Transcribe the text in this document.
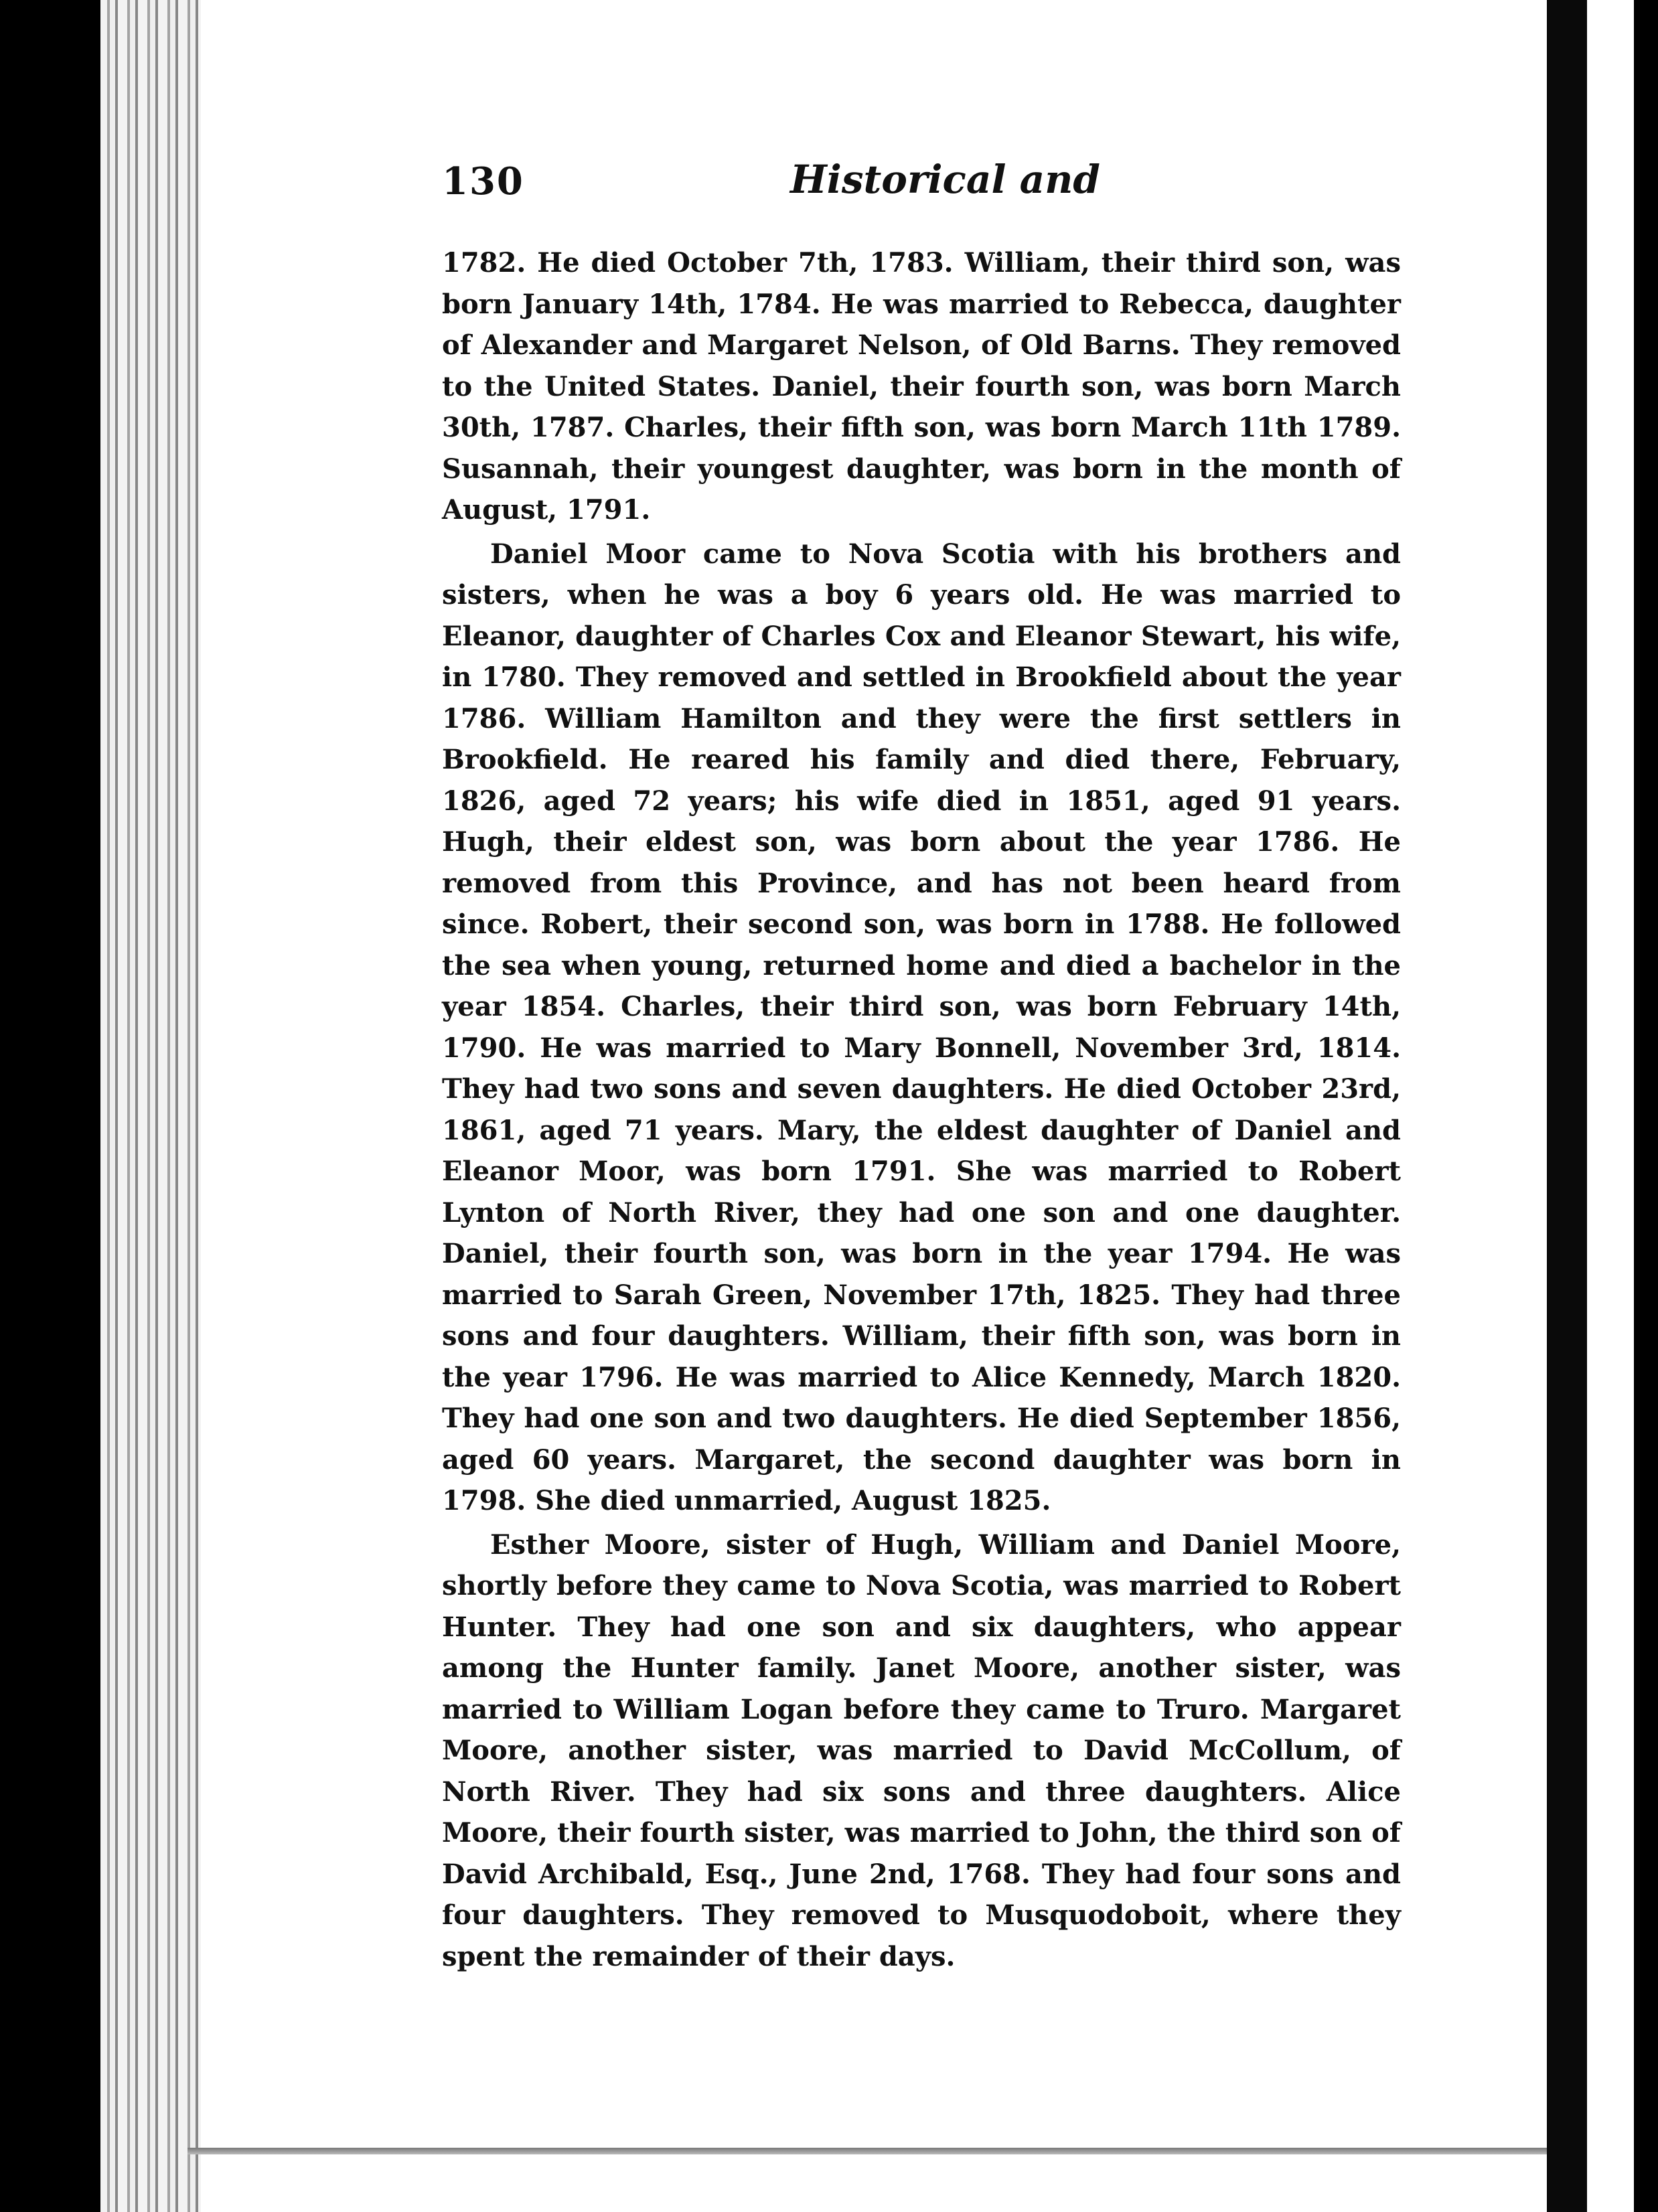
130	Historical and

1782. He died October 7th, 1783. William, their third son, was born January 14th, 1784. He was married to Rebecca, daughter of Alexander and Margaret Nelson, of Old Barns. They removed to the United States. Daniel, their fourth son, was born March 30th, 1787. Charles, their fifth son, was born March 11th 1789. Susannah, their youngest daughter, was born in the month of August, 1791.

Daniel Moor came to Nova Scotia with his brothers and sisters, when he was a boy 6 years old. He was married to Eleanor, daughter of Charles Cox and Eleanor Stewart, his wife, in 1780. They removed and settled in Brookfield about the year 1786. William Hamilton and they were the first settlers in Brookfield. He reared his family and died there, February, 1826, aged 72 years; his wife died in 1851, aged 91 years. Hugh, their eldest son, was born about the year 1786. He removed from this Province, and has not been heard from since. Robert, their second son, was born in 1788. He followed the sea when young, returned home and died a bachelor in the year 1854. Charles, their third son, was born February 14th, 1790. He was married to Mary Bonnell, November 3rd, 1814. They had two sons and seven daughters. He died October 23rd, 1861, aged 71 years. Mary, the eldest daughter of Daniel and Eleanor Moor, was born 1791. She was married to Robert Lynton of North River, they had one son and one daughter. Daniel, their fourth son, was born in the year 1794. He was married to Sarah Green, November 17th, 1825. They had three sons and four daughters. William, their fifth son, was born in the year 1796. He was married to Alice Kennedy, March 1820. They had one son and two daughters. He died September 1856, aged 60 years. Margaret, the second daughter was born in 1798. She died unmarried, August 1825.

Esther Moore, sister of Hugh, William and Daniel Moore, shortly before they came to Nova Scotia, was married to Robert Hunter. They had one son and six daughters, who appear among the Hunter family. Janet Moore, another sister, was married to William Logan before they came to Truro. Margaret Moore, another sister, was married to David McCollum, of North River. They had six sons and three daughters. Alice Moore, their fourth sister, was married to John, the third son of David Archibald, Esq., June 2nd, 1768. They had four sons and four daughters. They removed to Musquodoboit, where they spent the remainder of their days.
